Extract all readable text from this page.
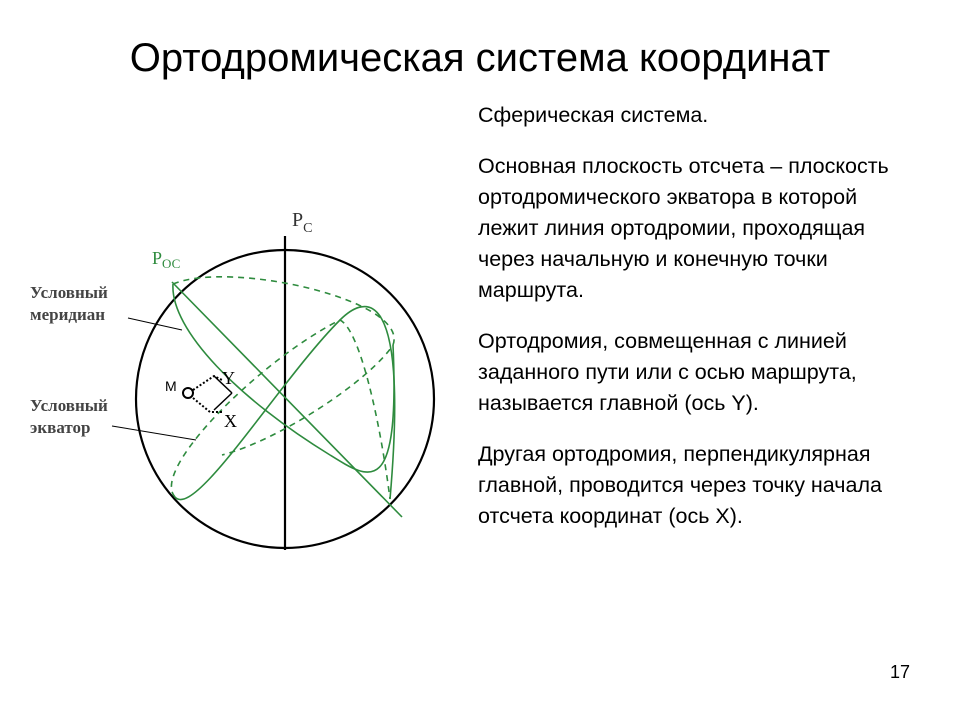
Ортодромическая система координат
$P_C$
$P_{ОС}$
Условный
меридиан
Условный
экватор
M	Y
X

Сферическая система.

Основная плоскость отсчета – плоскость ортодромического экватора в которой лежит линия ортодромии, проходящая через начальную и конечную точки маршрута.

Ортодромия, совмещенная с линией заданного пути или с осью маршрута, называется главной (ось Y).

Другая ортодромия, перпендикулярная главной, проводится через точку начала отсчета координат (ось X).

17
